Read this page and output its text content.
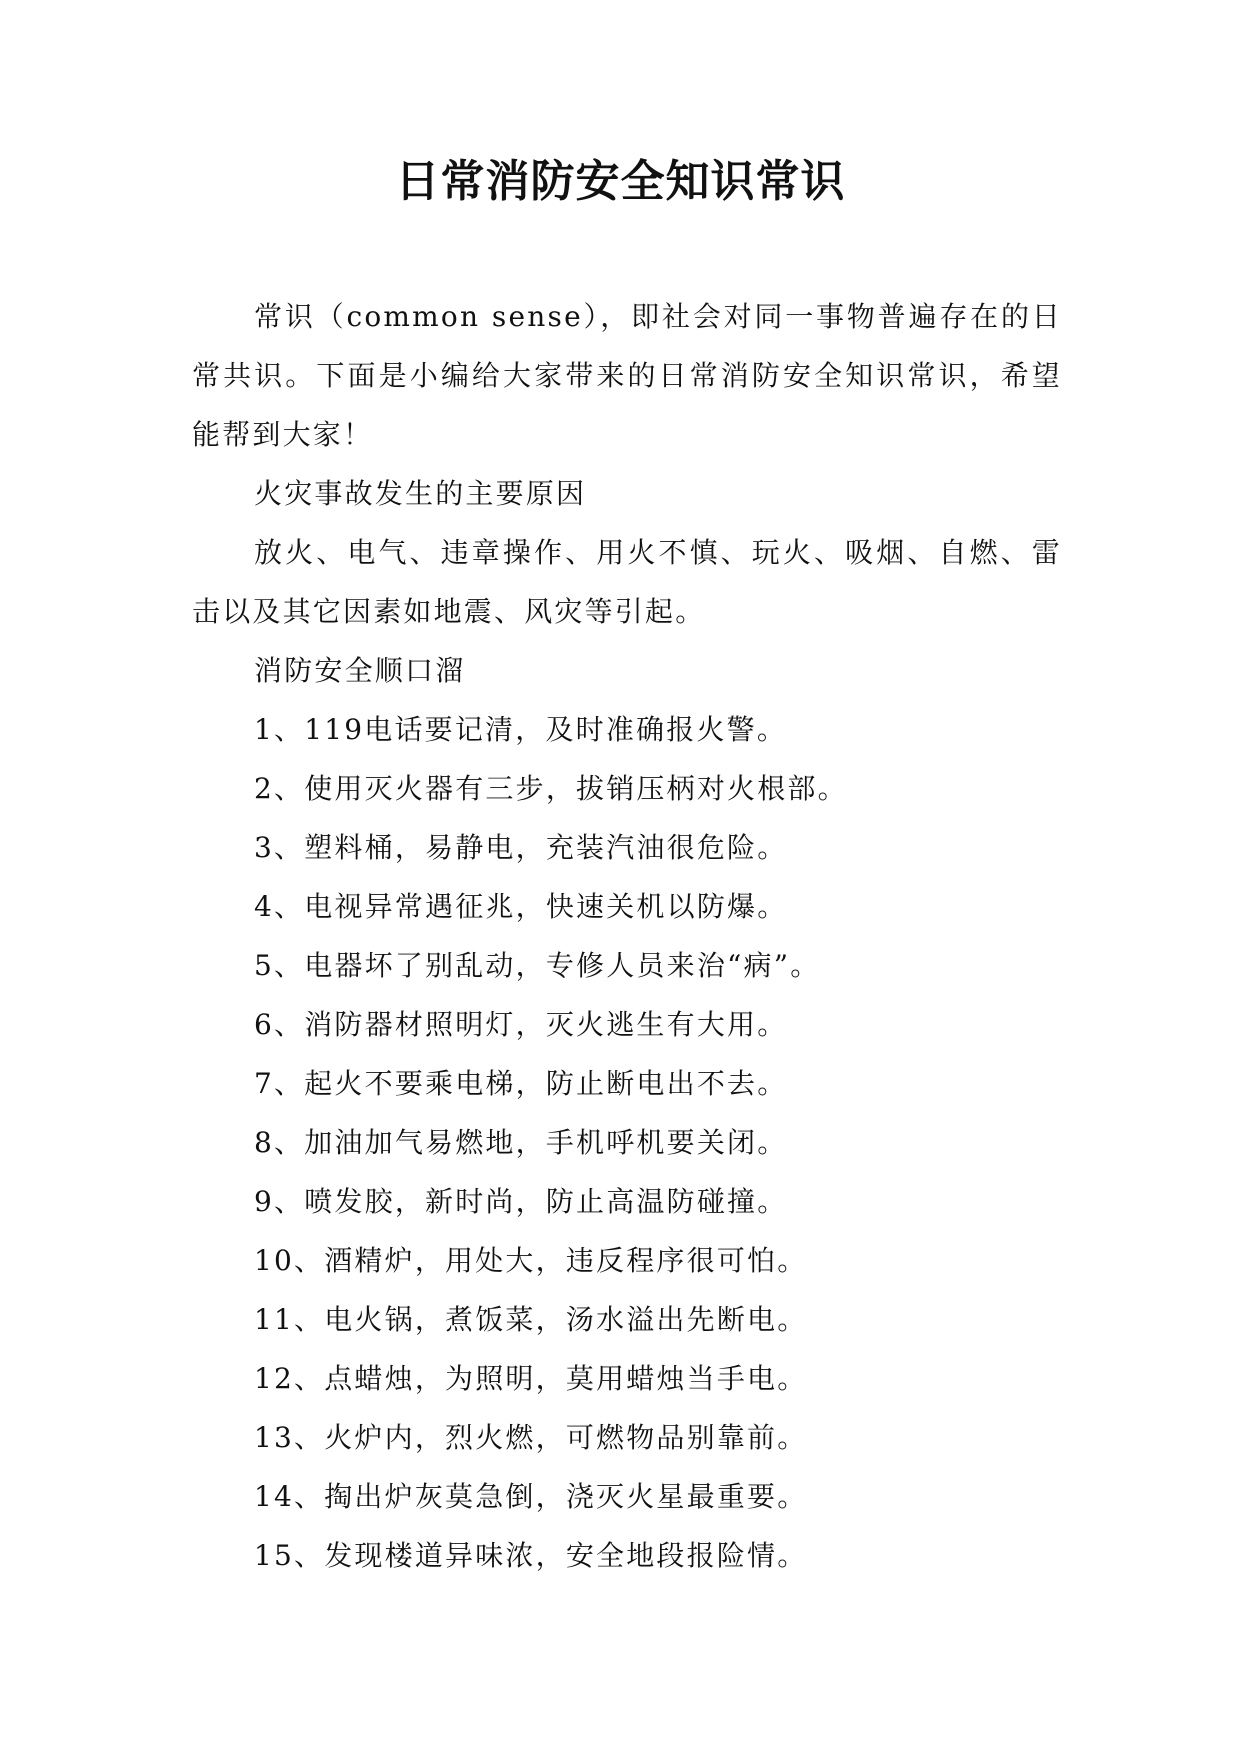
日常消防安全知识常识

常识（common sense），即社会对同一事物普遍存在的日常共识。下面是小编给大家带来的日常消防安全知识常识，希望能帮到大家！

火灾事故发生的主要原因

放火、电气、违章操作、用火不慎、玩火、吸烟、自燃、雷击以及其它因素如地震、风灾等引起。

消防安全顺口溜

1、119电话要记清，及时准确报火警。

2、使用灭火器有三步，拔销压柄对火根部。

3、塑料桶，易静电，充装汽油很危险。

4、电视异常遇征兆，快速关机以防爆。

5、电器坏了别乱动，专修人员来治“病”。

6、消防器材照明灯，灭火逃生有大用。

7、起火不要乘电梯，防止断电出不去。

8、加油加气易燃地，手机呼机要关闭。

9、喷发胶，新时尚，防止高温防碰撞。

10、酒精炉，用处大，违反程序很可怕。

11、电火锅，煮饭菜，汤水溢出先断电。

12、点蜡烛，为照明，莫用蜡烛当手电。

13、火炉内，烈火燃，可燃物品别靠前。

14、掏出炉灰莫急倒，浇灭火星最重要。

15、发现楼道异味浓，安全地段报险情。
